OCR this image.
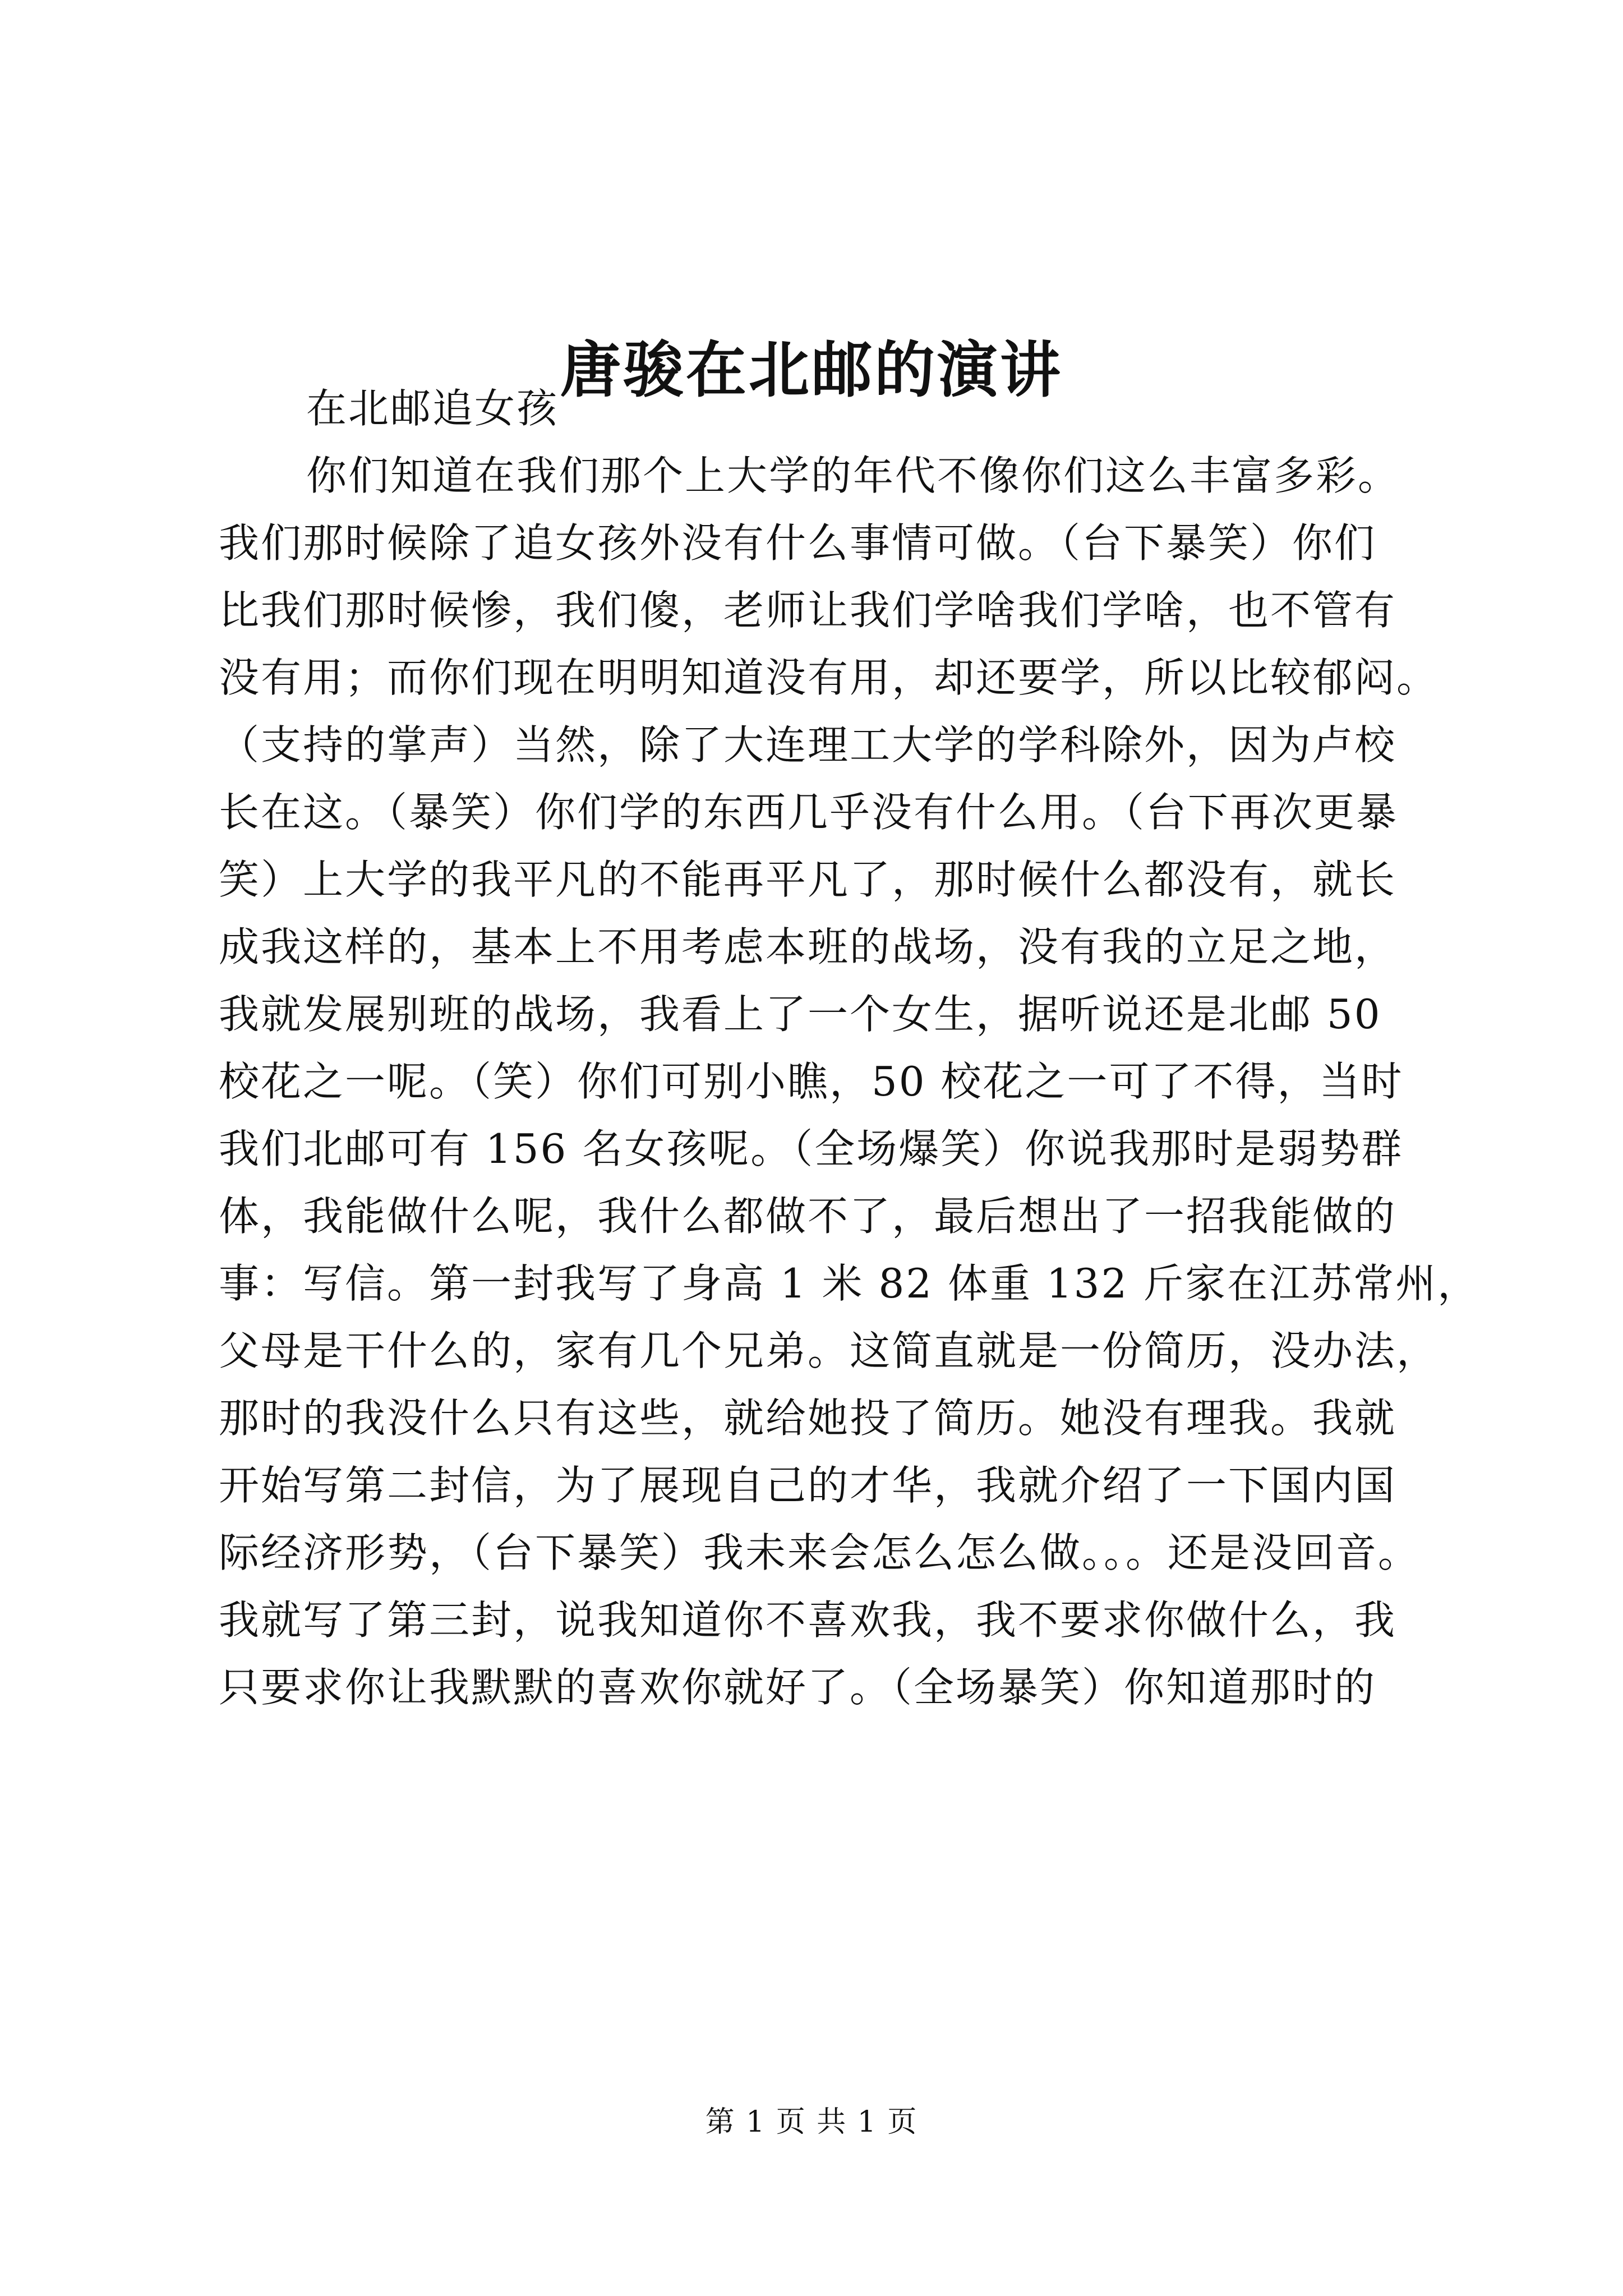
唐骏在北邮的演讲
在北邮追女孩
你们知道在我们那个上大学的年代不像你们这么丰富多彩。
我们那时候除了追女孩外没有什么事情可做。（台下暴笑）你们
比我们那时候惨，我们傻，老师让我们学啥我们学啥，也不管有
没有用；而你们现在明明知道没有用，却还要学，所以比较郁闷。
（支持的掌声）当然，除了大连理工大学的学科除外，因为卢校
长在这。（暴笑）你们学的东西几乎没有什么用。（台下再次更暴
笑）上大学的我平凡的不能再平凡了，那时候什么都没有，就长
成我这样的，基本上不用考虑本班的战场，没有我的立足之地，
我就发展别班的战场，我看上了一个女生，据听说还是北邮 50
校花之一呢。（笑）你们可别小瞧，50 校花之一可了不得，当时
我们北邮可有 156 名女孩呢。（全场爆笑）你说我那时是弱势群
体，我能做什么呢，我什么都做不了，最后想出了一招我能做的
事：写信。第一封我写了身高 1 米 82 体重 132 斤家在江苏常州，
父母是干什么的，家有几个兄弟。这简直就是一份简历，没办法，
那时的我没什么只有这些，就给她投了简历。她没有理我。我就
开始写第二封信，为了展现自己的才华，我就介绍了一下国内国
际经济形势，（台下暴笑）我未来会怎么怎么做。。。还是没回音。
我就写了第三封，说我知道你不喜欢我，我不要求你做什么，我
只要求你让我默默的喜欢你就好了。（全场暴笑）你知道那时的
第 1 页 共 1 页
